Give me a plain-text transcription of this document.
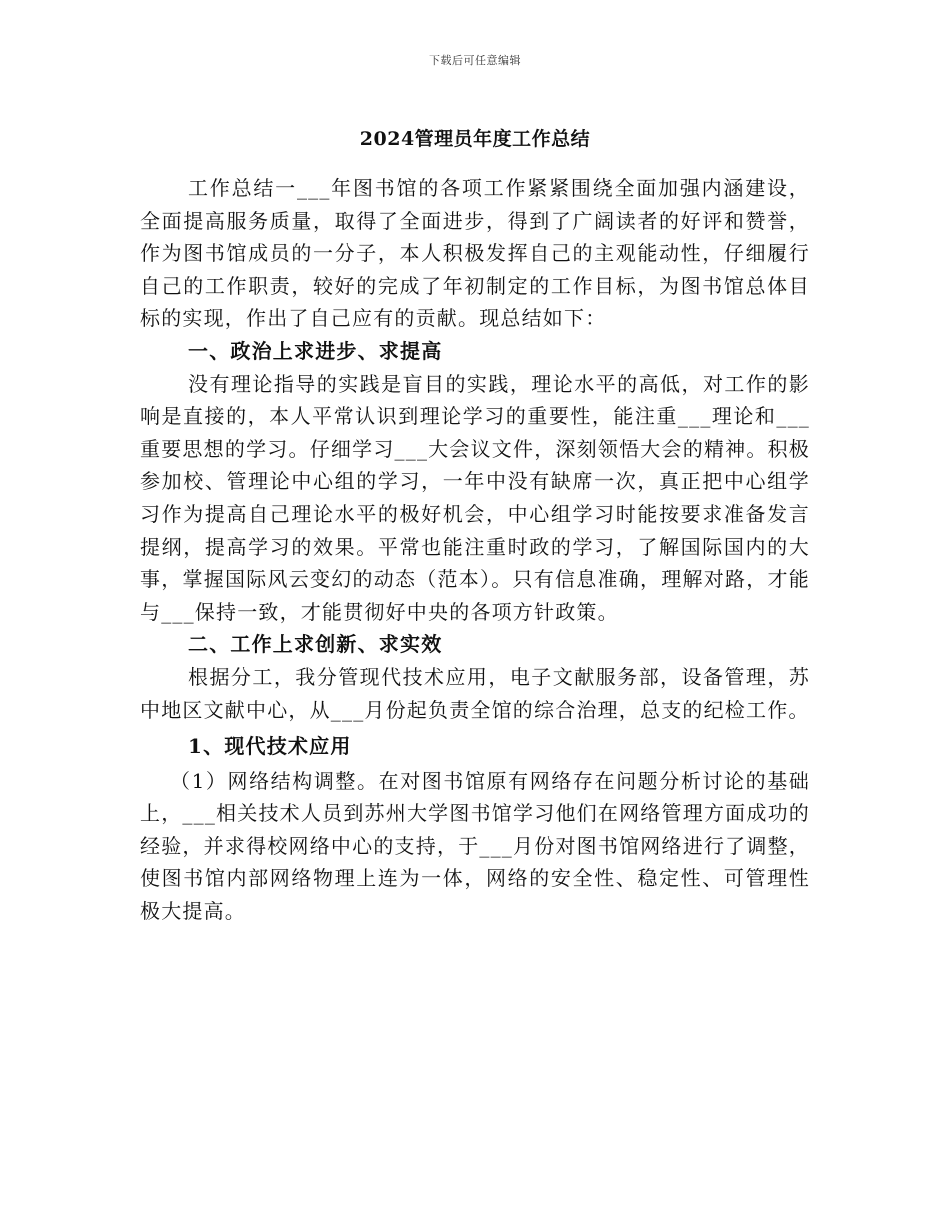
下载后可任意编辑
2024管理员年度工作总结

工作总结一___年图书馆的各项工作紧紧围绕全面加强内涵建设，全面提高服务质量，取得了全面进步，得到了广阔读者的好评和赞誉，作为图书馆成员的一分子，本人积极发挥自己的主观能动性，仔细履行自己的工作职责，较好的完成了年初制定的工作目标，为图书馆总体目标的实现，作出了自己应有的贡献。现总结如下：

一、政治上求进步、求提高

没有理论指导的实践是盲目的实践，理论水平的高低，对工作的影响是直接的，本人平常认识到理论学习的重要性，能注重___理论和___重要思想的学习。仔细学习___大会议文件，深刻领悟大会的精神。积极参加校、管理论中心组的学习，一年中没有缺席一次，真正把中心组学习作为提高自己理论水平的极好机会，中心组学习时能按要求准备发言提纲，提高学习的效果。平常也能注重时政的学习，了解国际国内的大事，掌握国际风云变幻的动态（范本）。只有信息准确，理解对路，才能与___保持一致，才能贯彻好中央的各项方针政策。

二、工作上求创新、求实效

根据分工，我分管现代技术应用，电子文献服务部，设备管理，苏中地区文献中心，从___月份起负责全馆的综合治理，总支的纪检工作。

1、现代技术应用

（1）网络结构调整。在对图书馆原有网络存在问题分析讨论的基础上，___相关技术人员到苏州大学图书馆学习他们在网络管理方面成功的经验，并求得校网络中心的支持，于___月份对图书馆网络进行了调整，使图书馆内部网络物理上连为一体，网络的安全性、稳定性、可管理性极大提高。
